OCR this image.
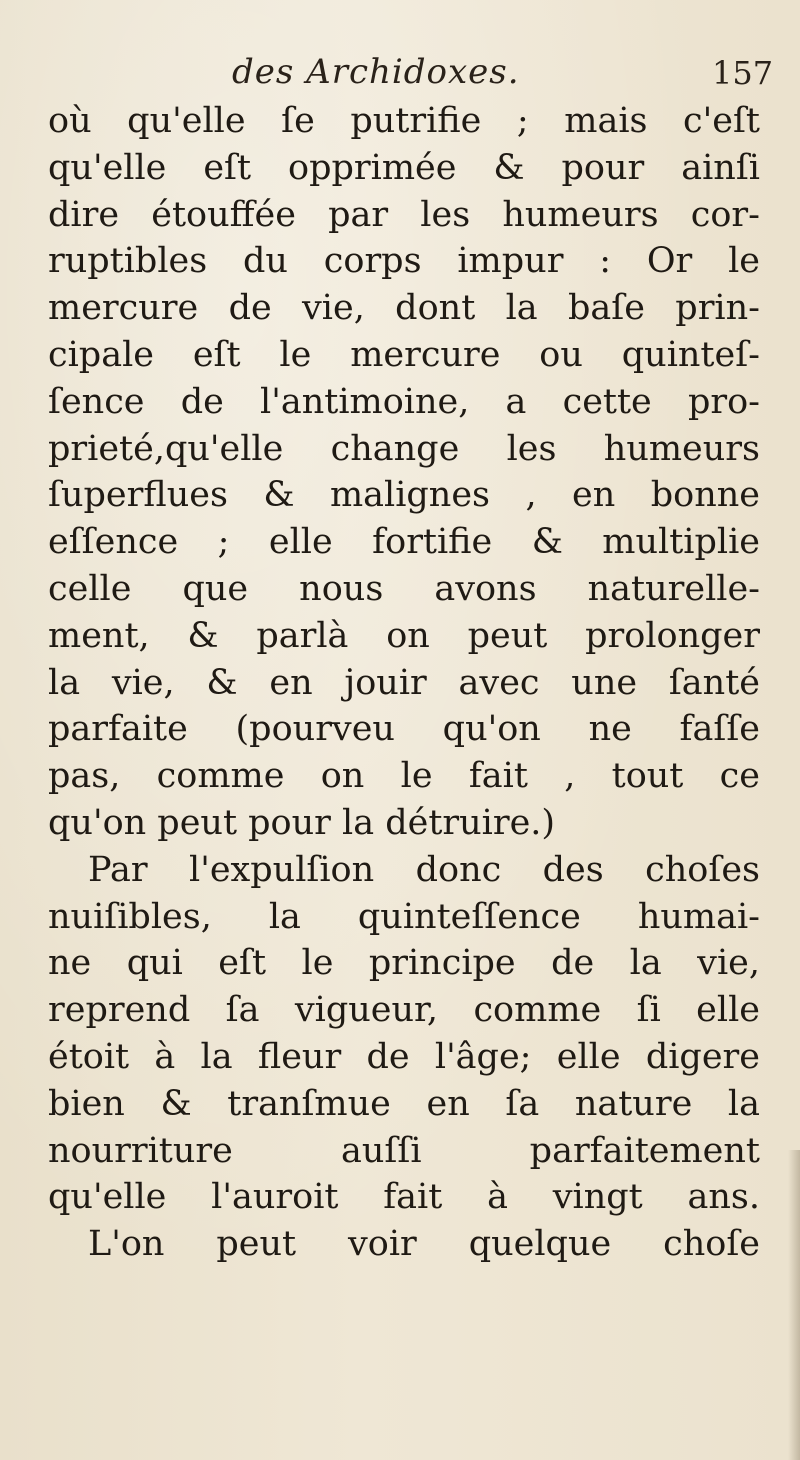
des Archidoxes.	157
où qu'elle ſe putrifie ; mais c'eſt
qu'elle eſt opprimée & pour ainſi
dire étouffée par les humeurs cor-
ruptibles du corps impur : Or le
mercure de vie, dont la baſe prin-
cipale eſt le mercure ou quinteſ-
ſence de l'antimoine, a cette pro-
prieté,qu'elle change les humeurs
ſuperflues & malignes , en bonne
eſſence ; elle fortifie & multiplie
celle que nous avons naturelle-
ment, & parlà on peut prolonger
la vie, & en jouir avec une ſanté
parfaite (pourveu qu'on ne faſſe
pas, comme on le fait , tout ce
qu'on peut pour la détruire.)
Par l'expulſion donc des choſes
nuiſibles, la quinteſſence humai-
ne qui eſt le principe de la vie,
reprend ſa vigueur, comme ſi elle
étoit à la fleur de l'âge; elle digere
bien & tranſmue en ſa nature la
nourriture auſſi parfaitement
qu'elle l'auroit fait à vingt ans.
L'on peut voir quelque choſe
